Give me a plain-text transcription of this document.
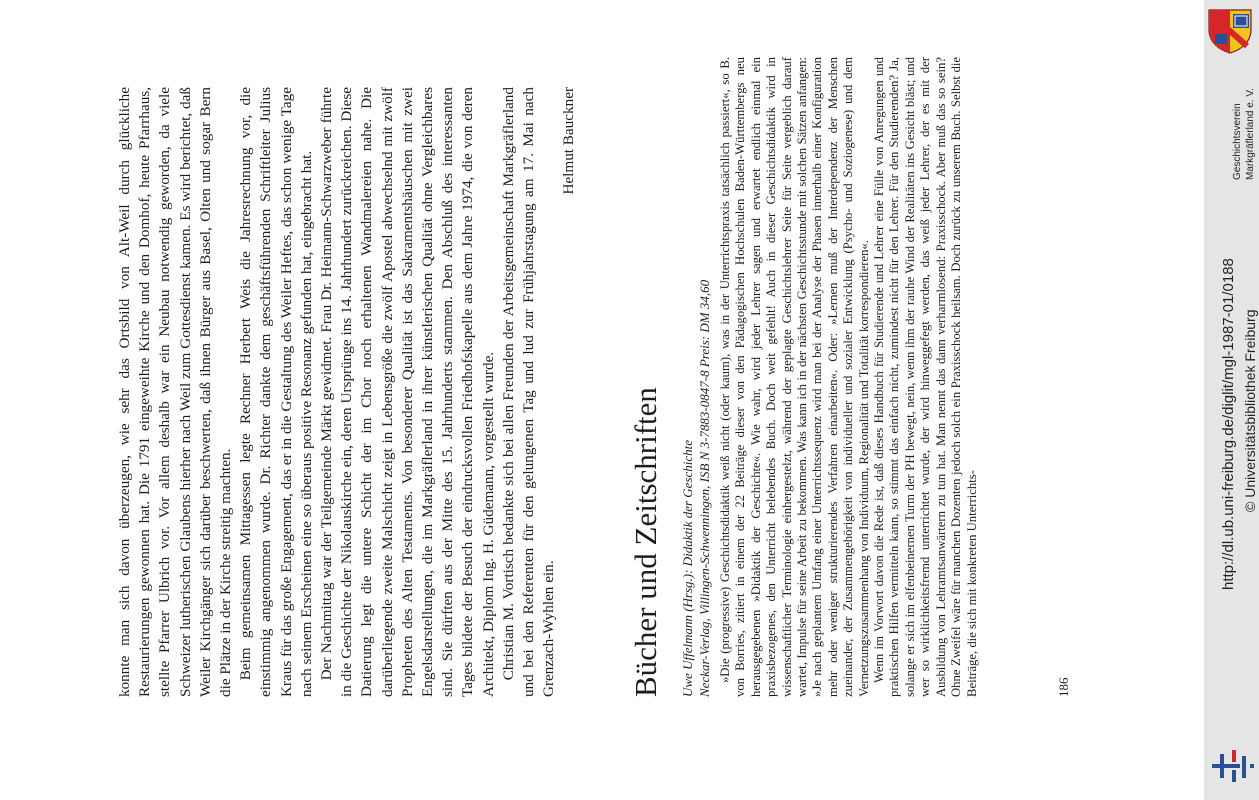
konnte man sich davon überzeugen, wie sehr das Ortsbild von Alt-Weil durch glückliche Restaurierungen gewonnen hat. Die 1791 eingeweihte Kirche und den Domhof, heute Pfarrhaus, stellte Pfarrer Ulbrich vor. Vor allem deshalb war ein Neubau notwendig geworden, da viele Schweizer lutherischen Glaubens hierher nach Weil zum Gottesdienst kamen. Es wird berichtet, daß Weiler Kirchgänger sich darüber beschwerten, daß ihnen Bürger aus Basel, Olten und sogar Bern die Plätze in der Kirche streitig machten. Beim gemeinsamen Mittagessen legte Rechner Herbert Weis die Jahresrechnung vor, die einstimmig angenommen wurde. Dr. Richter dankte dem geschäftsführenden Schriftleiter Julius Kraus für das große Engagement, das er in die Gestaltung des Weiler Heftes, das schon wenige Tage nach seinem Erscheinen eine so überaus positive Resonanz gefunden hat, eingebracht hat. Der Nachmittag war der Teilgemeinde Märkt gewidmet. Frau Dr. Heimann-Schwarzweber führte in die Geschichte der Nikolauskirche ein, deren Ursprünge ins 14. Jahrhundert zurückreichen. Diese Datierung legt die untere Schicht der im Chor noch erhaltenen Wandmalereien nahe. Die darüberliegende zweite Malschicht zeigt in Lebensgröße die zwölf Apostel abwechselnd mit zwölf Propheten des Alten Testaments. Von besonderer Qualität ist das Sakramentshäuschen mit zwei Engelsdarstellungen, die im Markgräflerland in ihrer künstlerischen Qualität ohne Vergleichbares sind. Sie dürften aus der Mitte des 15. Jahrhunderts stammen. Den Abschluß des interessanten Tages bildete der Besuch der eindrucksvollen Friedhofskapelle aus dem Jahre 1974, die von deren Architekt, Diplom Ing. H. Güdemann, vorgestellt wurde. Christian M. Vortisch bedankte sich bei allen Freunden der Arbeitsgemeinschaft Markgräflerland und bei den Referenten für den gelungenen Tag und lud zur Frühjahrstagung am 17. Mai nach Grenzach-Wyhlen ein.

Helmut Bauckner

Bücher und Zeitschriften Uwe Uffelmann (Hrsg.): Didaktik der Geschichte Neckar-Verlag, Villingen-Schwenningen, ISB N 3-7883-0847-8 Preis: DM 34,60 »Die (progressive) Geschichtsdidaktik weiß nicht (oder kaum), was in der Unterrichtspraxis tatsächlich passiert«, so B. von Borries, zitiert in einem der 22 Beiträge dieser von den Pädagogischen Hochschulen Baden-Württembergs neu herausgegebenen »Didaktik der Geschichte«. Wie wahr, wird jeder Lehrer sagen und erwartet endlich einmal ein praxisbezogenes, den Unterricht belebendes Buch. Doch weit gefehlt! Auch in dieser Geschichtsdidaktik wird in wissenschaftlicher Terminologie einhergestelzt, während der geplagte Geschichtslehrer Seite für Seite vergeblich darauf wartet, Impulse für seine Arbeit zu bekommen. Was kann ich in der nächsten Geschichtsstunde mit solchen Sätzen anfangen: »Je nach geplantem Umfang einer Unterrichtssequenz wird man bei der Analyse der Phasen innerhalb einer Konfiguration mehr oder weniger strukturierendes Verfahren einarbeiten«. Oder: »Lernen muß der Interdependenz der Menschen zueinander, der Zusammengehörigkeit von individueller und sozialer Entwicklung (Psycho- und Soziogenese) und dem Vernetzungszusammenhang von Individuum, Regionalität und Totalität korrespondieren«. Wenn im Vorwort davon die Rede ist, daß dieses Handbuch für Studierende und Lehrer eine Fülle von Anregungen und praktischen Hilfen vermitteln kann, so stimmt das einfach nicht, zumindest nicht für den Lehrer. Für den Studierenden? Ja, solange er sich im elfenbeinernen Turm der PH bewegt, nein, wenn ihm der rauhe Wind der Realitäten ins Gesicht bläst; und wer so wirklichkeitsfremd unterrichtet wurde, der wird hinweggefegt werden, das weiß jeder Lehrer, der es mit der Ausbildung von Lehramtsanwärtern zu tun hat. Man nennt das dann verharmlosend: Praxisschock. Aber muß das so sein? Ohne Zweifel wäre für manchen Dozenten jedoch solch ein Praxisschock heilsam. Doch zurück zu unserem Buch. Selbst die Beiträge, die sich mit konkreten Unterrichts-	186
Geschichtsverein Markgräflerland e. V.
http://dl.ub.uni-freiburg.de/diglit/mgl-1987-01/0188 © Universitätsbibliothek Freiburg
